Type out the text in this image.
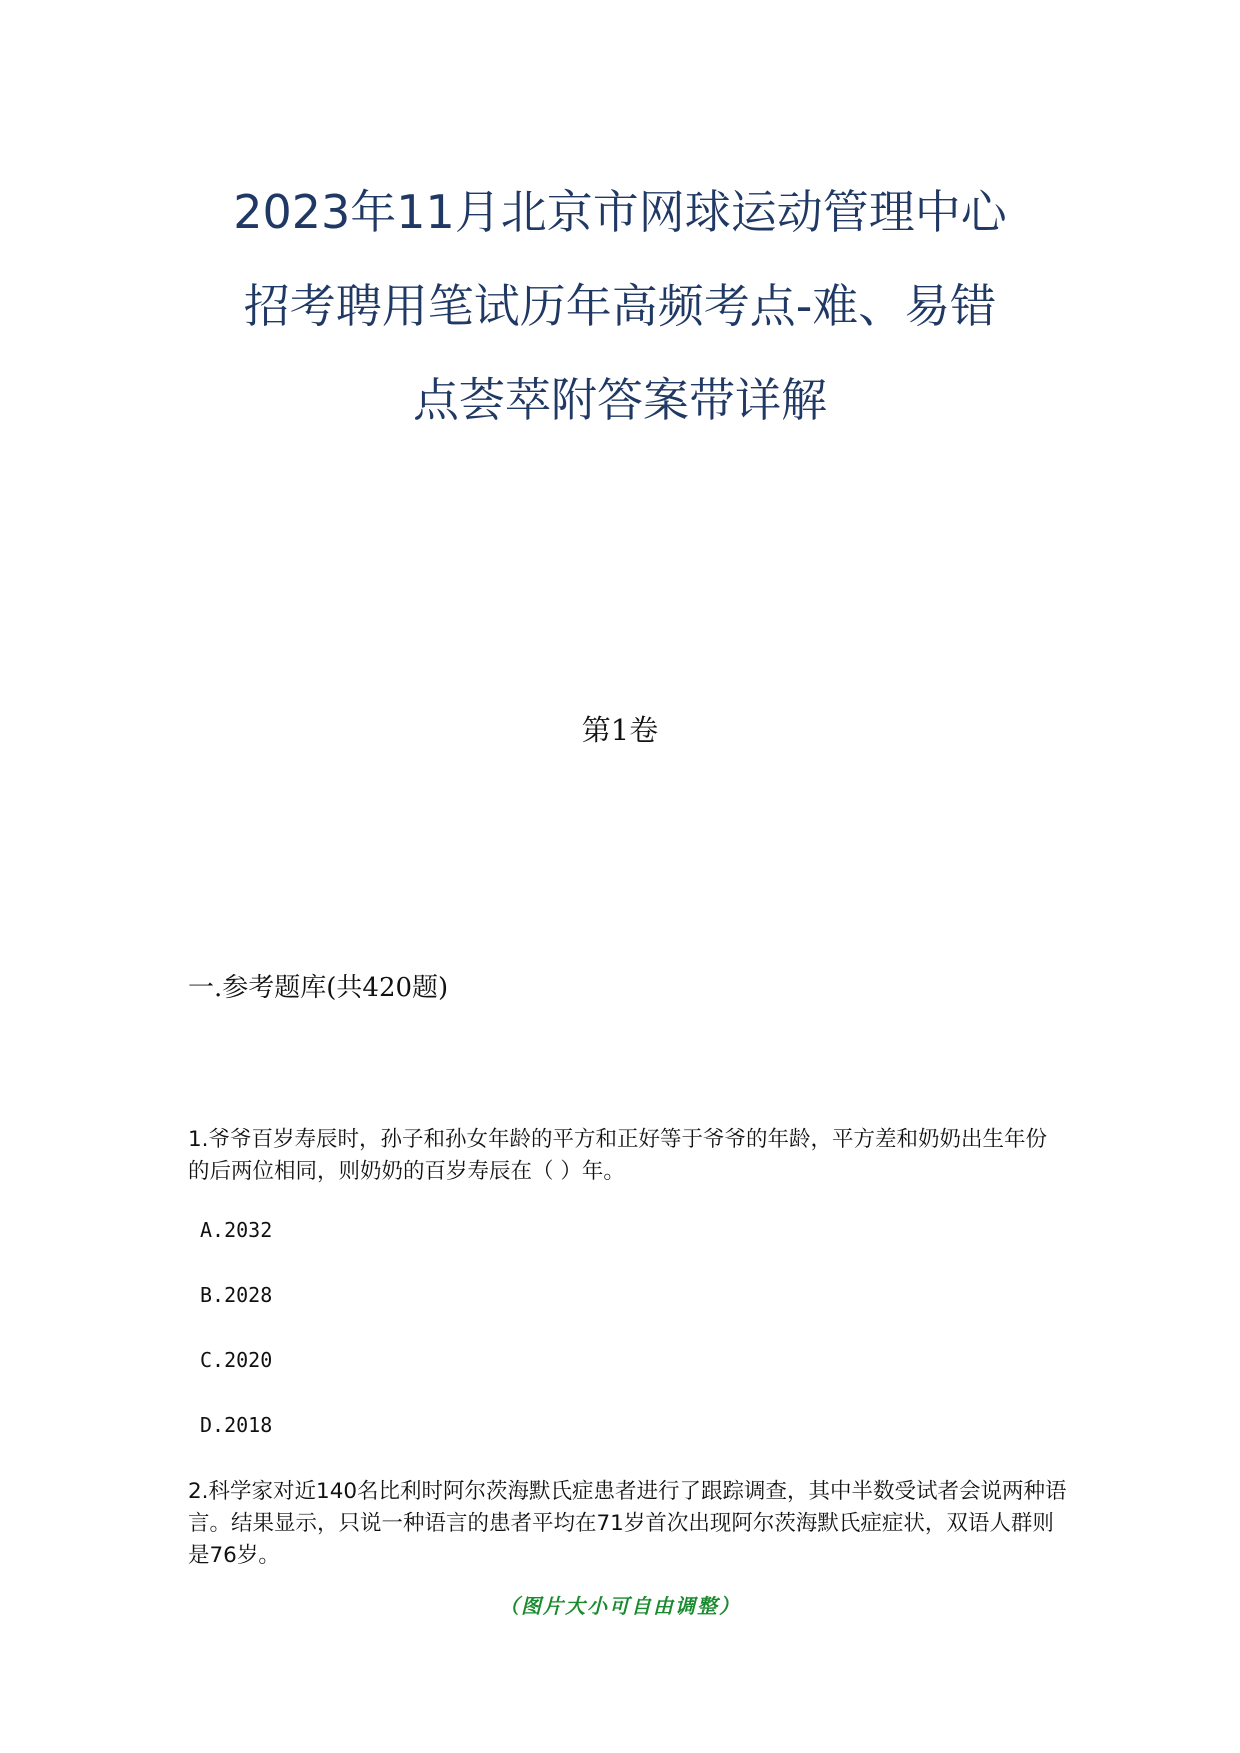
2023年11月北京市网球运动管理中心
招考聘用笔试历年高频考点-难、易错
点荟萃附答案带详解
第1卷
一.参考题库(共420题)
1.爷爷百岁寿辰时，孙子和孙女年龄的平方和正好等于爷爷的年龄，平方差和奶奶出生年份的后两位相同，则奶奶的百岁寿辰在（ ）年。
A.2032
B.2028
C.2020
D.2018
2.科学家对近140名比利时阿尔茨海默氏症患者进行了跟踪调查，其中半数受试者会说两种语言。结果显示，只说一种语言的患者平均在71岁首次出现阿尔茨海默氏症症状，双语人群则是76岁。
（图片大小可自由调整）
